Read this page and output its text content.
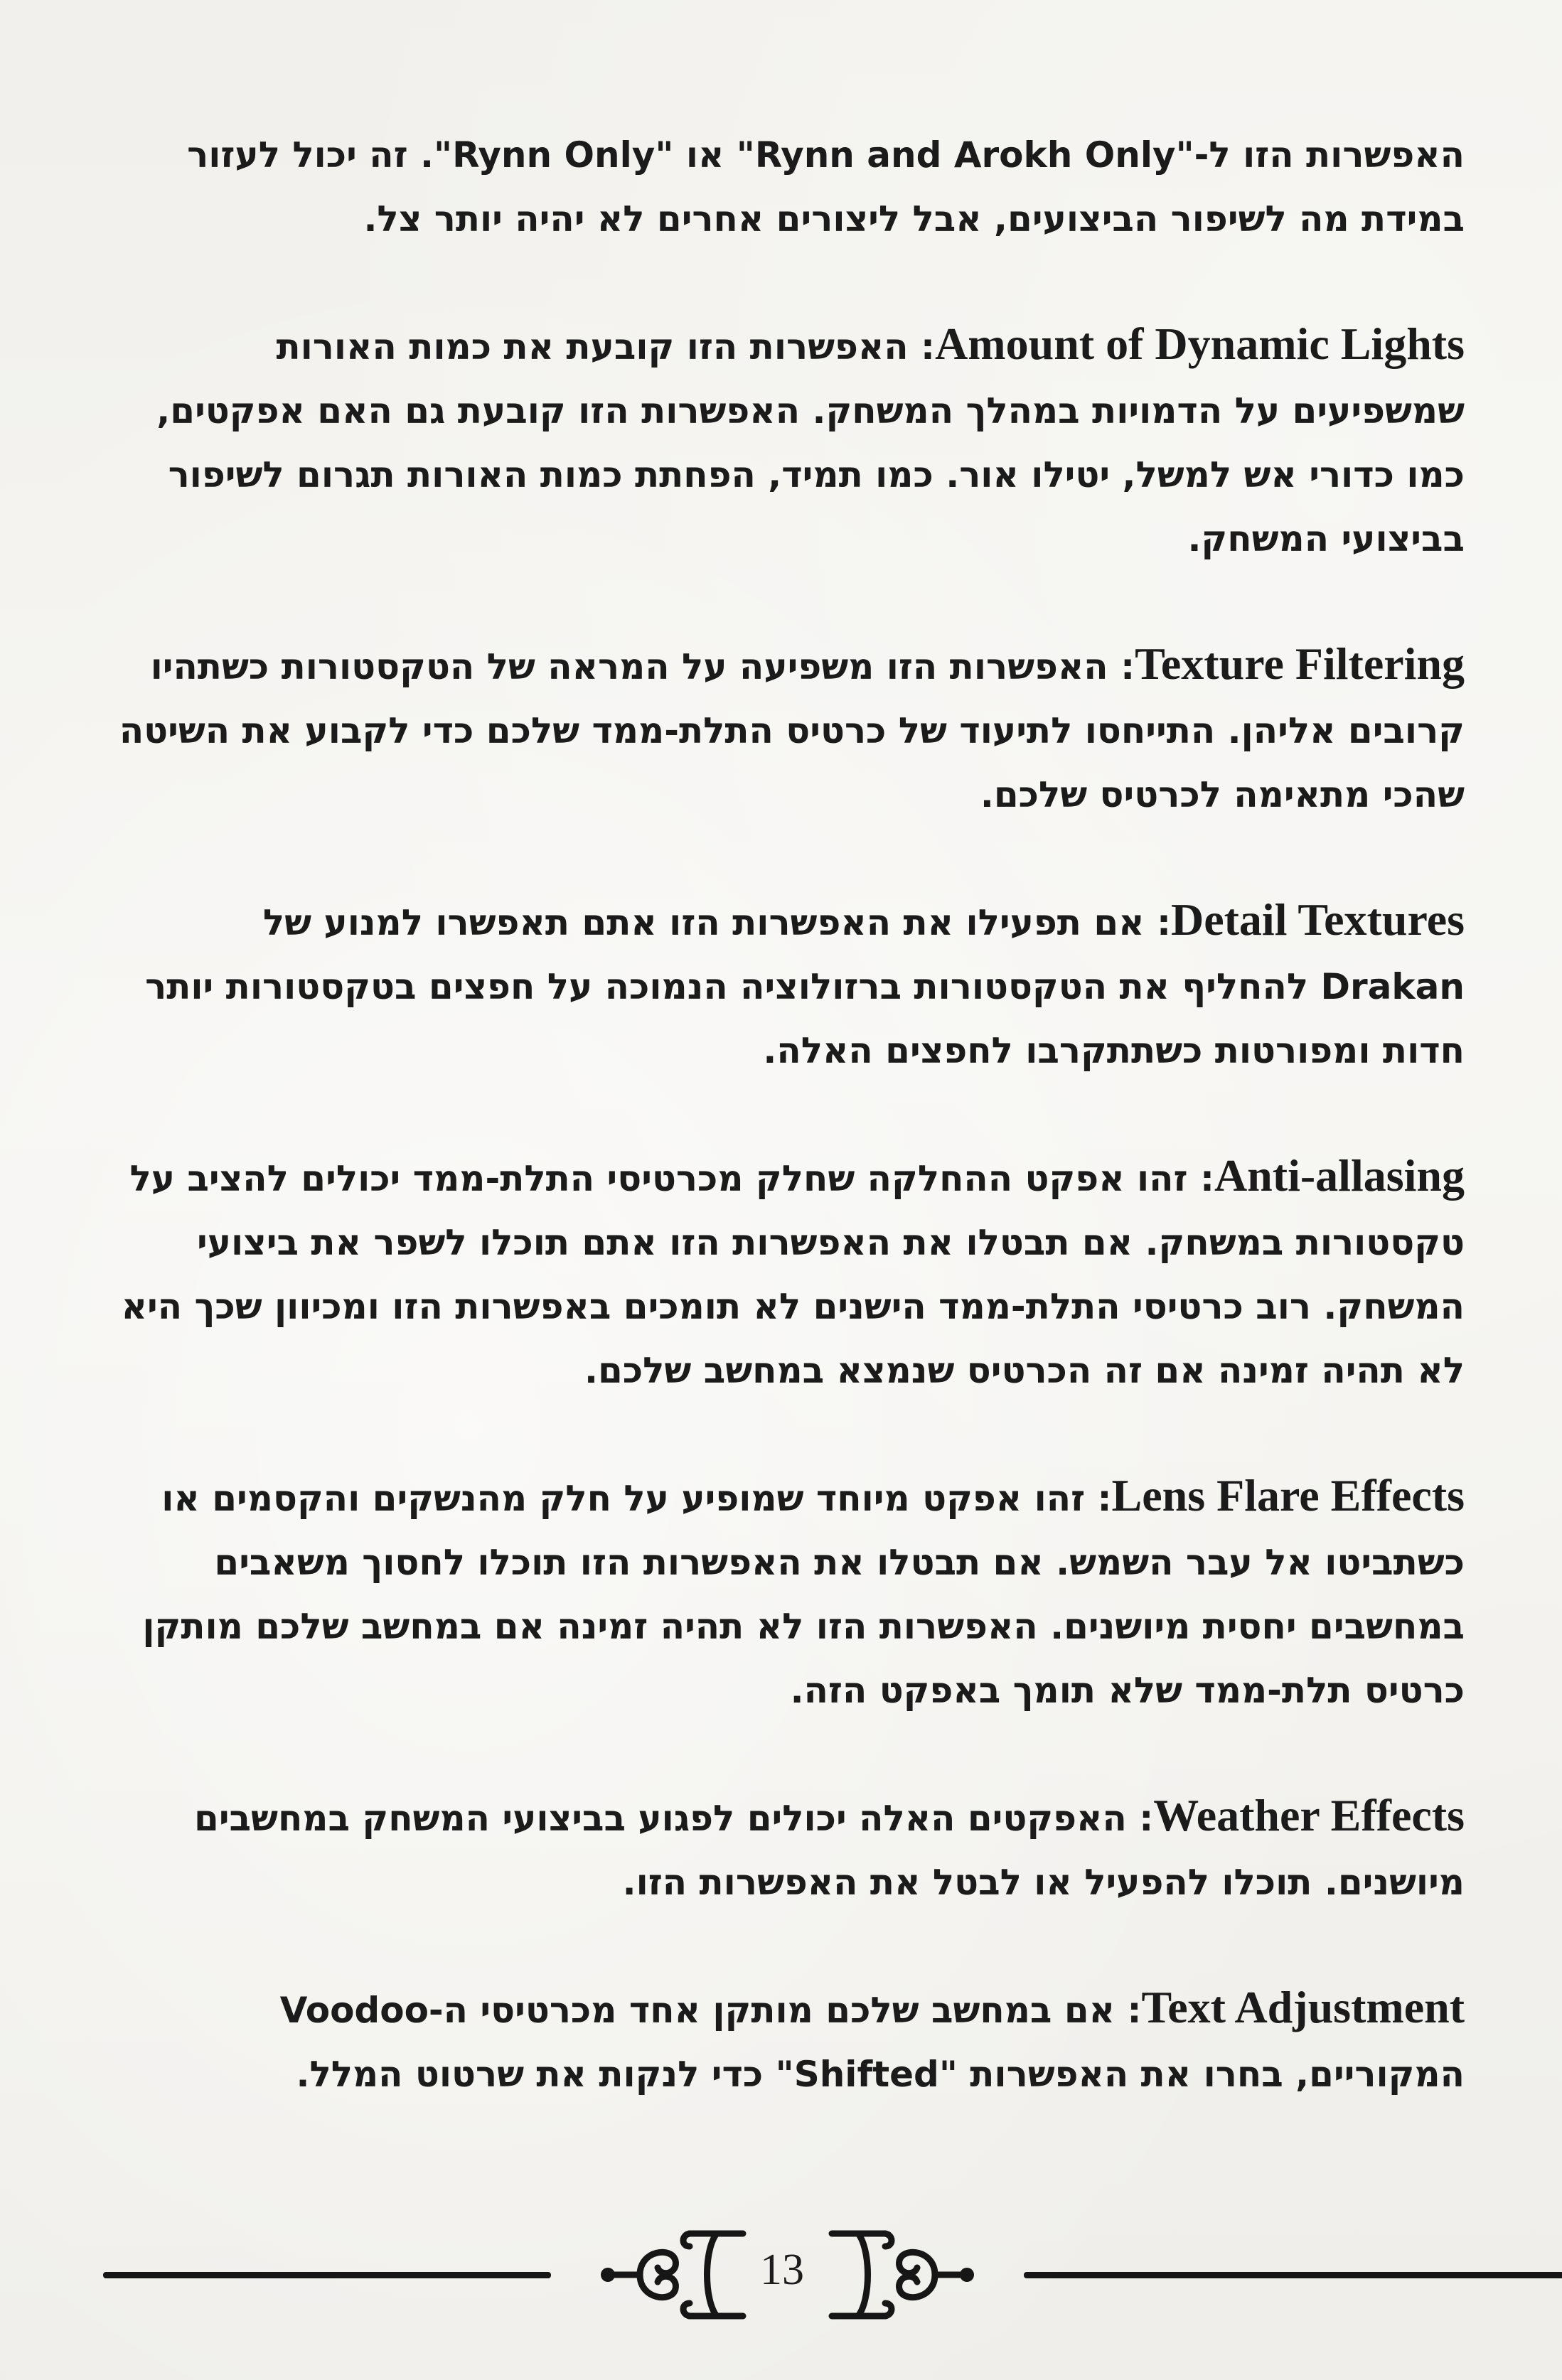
האפשרות הזו ל-"Rynn and Arokh Only" או "Rynn Only". זה יכול לעזור במידת מה לשיפור הביצועים, אבל ליצורים אחרים לא יהיה יותר צל.

Amount of Dynamic Lights: האפשרות הזו קובעת את כמות האורות שמשפיעים על הדמויות במהלך המשחק. האפשרות הזו קובעת גם האם אפקטים, כמו כדורי אש למשל, יטילו אור. כמו תמיד, הפחתת כמות האורות תגרום לשיפור בביצועי המשחק.

Texture Filtering: האפשרות הזו משפיעה על המראה של הטקסטורות כשתהיו קרובים אליהן. התייחסו לתיעוד של כרטיס התלת-ממד שלכם כדי לקבוע את השיטה שהכי מתאימה לכרטיס שלכם.

Detail Textures: אם תפעילו את האפשרות הזו אתם תאפשרו למנוע של Drakan להחליף את הטקסטורות ברזולוציה הנמוכה על חפצים בטקסטורות יותר חדות ומפורטות כשתתקרבו לחפצים האלה.

Anti-allasing: זהו אפקט ההחלקה שחלק מכרטיסי התלת-ממד יכולים להציב על טקסטורות במשחק. אם תבטלו את האפשרות הזו אתם תוכלו לשפר את ביצועי המשחק. רוב כרטיסי התלת-ממד הישנים לא תומכים באפשרות הזו ומכיוון שכך היא לא תהיה זמינה אם זה הכרטיס שנמצא במחשב שלכם.

Lens Flare Effects: זהו אפקט מיוחד שמופיע על חלק מהנשקים והקסמים או כשתביטו אל עבר השמש. אם תבטלו את האפשרות הזו תוכלו לחסוך משאבים במחשבים יחסית מיושנים. האפשרות הזו לא תהיה זמינה אם במחשב שלכם מותקן כרטיס תלת-ממד שלא תומך באפקט הזה.

Weather Effects: האפקטים האלה יכולים לפגוע בביצועי המשחק במחשבים מיושנים. תוכלו להפעיל או לבטל את האפשרות הזו.

Text Adjustment: אם במחשב שלכם מותקן אחד מכרטיסי ה-Voodoo המקוריים, בחרו את האפשרות "Shifted" כדי לנקות את שרטוט המלל.

13
